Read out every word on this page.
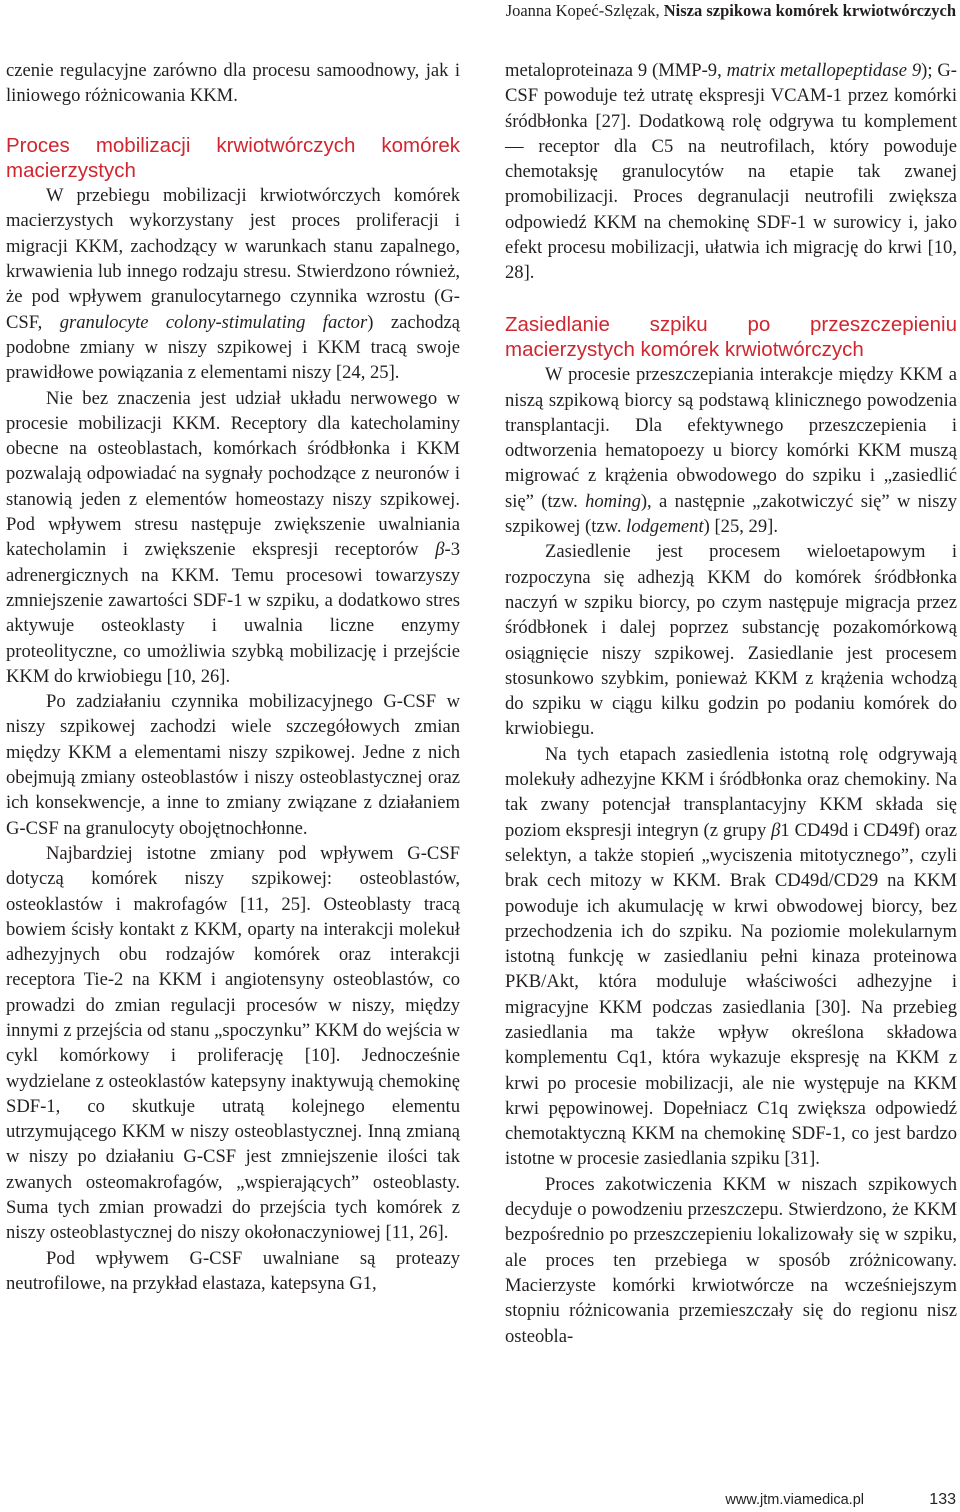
Joanna Kopeć-Szlęzak, Nisza szpikowa komórek krwiotwórczych

czenie regulacyjne zarówno dla procesu samoodnowy, jak i liniowego różnicowania KKM.

Proces mobilizacji krwiotwórczych komórek macierzystych

W przebiegu mobilizacji krwiotwórczych komórek macierzystych wykorzystany jest proces proliferacji i migracji KKM, zachodzący w warunkach stanu zapalnego, krwawienia lub innego rodzaju stresu. Stwierdzono również, że pod wpływem granulocytarnego czynnika wzrostu (G-CSF, granulocyte colony-stimulating factor) zachodzą podobne zmiany w niszy szpikowej i KKM tracą swoje prawidłowe powiązania z elementami niszy [24, 25].

Nie bez znaczenia jest udział układu nerwowego w procesie mobilizacji KKM. Receptory dla katecholaminy obecne na osteoblastach, komórkach śródbłonka i KKM pozwalają odpowiadać na sygnały pochodzące z neuronów i stanowią jeden z elementów homeostazy niszy szpikowej. Pod wpływem stresu następuje zwiększenie uwalniania katecholamin i zwiększenie ekspresji receptorów β-3 adrenergicznych na KKM. Temu procesowi towarzyszy zmniejszenie zawartości SDF-1 w szpiku, a dodatkowo stres aktywuje osteoklasty i uwalnia liczne enzymy proteolityczne, co umożliwia szybką mobilizację i przejście KKM do krwiobiegu [10, 26].

Po zadziałaniu czynnika mobilizacyjnego G-CSF w niszy szpikowej zachodzi wiele szczegółowych zmian między KKM a elementami niszy szpikowej. Jedne z nich obejmują zmiany osteoblastów i niszy osteoblastycznej oraz ich konsekwencje, a inne to zmiany związane z działaniem G-CSF na granulocyty obojętnochłonne.

Najbardziej istotne zmiany pod wpływem G-CSF dotyczą komórek niszy szpikowej: osteoblastów, osteoklastów i makrofagów [11, 25]. Osteoblasty tracą bowiem ścisły kontakt z KKM, oparty na interakcji molekuł adhezyjnych obu rodzajów komórek oraz interakcji receptora Tie-2 na KKM i angiotensyny osteoblastów, co prowadzi do zmian regulacji procesów w niszy, między innymi z przejścia od stanu „spoczynku” KKM do wejścia w cykl komórkowy i proliferację [10]. Jednocześnie wydzielane z osteoklastów katepsyny inaktywują chemokinę SDF-1, co skutkuje utratą kolejnego elementu utrzymującego KKM w niszy osteoblastycznej. Inną zmianą w niszy po działaniu G-CSF jest zmniejszenie ilości tak zwanych osteomakrofagów, „wspierających” osteoblasty. Suma tych zmian prowadzi do przejścia tych komórek z niszy osteoblastycznej do niszy okołonaczyniowej [11, 26].

Pod wpływem G-CSF uwalniane są proteazy neutrofilowe, na przykład elastaza, katepsyna G1,

metaloproteinaza 9 (MMP-9, matrix metallopeptidase 9); G-CSF powoduje też utratę ekspresji VCAM-1 przez komórki śródbłonka [27]. Dodatkową rolę odgrywa tu komplement — receptor dla C5 na neutrofilach, który powoduje chemotaksję granulocytów na etapie tak zwanej promobilizacji. Proces degranulacji neutrofili zwiększa odpowiedź KKM na chemokinę SDF-1 w surowicy i, jako efekt procesu mobilizacji, ułatwia ich migrację do krwi [10, 28].

Zasiedlanie szpiku po przeszczepieniu macierzystych komórek krwiotwórczych

W procesie przeszczepiania interakcje między KKM a niszą szpikową biorcy są podstawą klinicznego powodzenia transplantacji. Dla efektywnego przeszczepienia i odtworzenia hematopoezy u biorcy komórki KKM muszą migrować z krążenia obwodowego do szpiku i „zasiedlić się” (tzw. homing), a następnie „zakotwiczyć się” w niszy szpikowej (tzw. lodgement) [25, 29].

Zasiedlenie jest procesem wieloetapowym i rozpoczyna się adhezją KKM do komórek śródbłonka naczyń w szpiku biorcy, po czym następuje migracja przez śródbłonek i dalej poprzez substancję pozakomórkową osiągnięcie niszy szpikowej. Zasiedlanie jest procesem stosunkowo szybkim, ponieważ KKM z krążenia wchodzą do szpiku w ciągu kilku godzin po podaniu komórek do krwiobiegu.

Na tych etapach zasiedlenia istotną rolę odgrywają molekuły adhezyjne KKM i śródbłonka oraz chemokiny. Na tak zwany potencjał transplantacyjny KKM składa się poziom ekspresji integryn (z grupy β1 CD49d i CD49f) oraz selektyn, a także stopień „wyciszenia mitotycznego”, czyli brak cech mitozy w KKM. Brak CD49d/CD29 na KKM powoduje ich akumulację w krwi obwodowej biorcy, bez przechodzenia ich do szpiku. Na poziomie molekularnym istotną funkcję w zasiedlaniu pełni kinaza proteinowa PKB/Akt, która moduluje właściwości adhezyjne i migracyjne KKM podczas zasiedlania [30]. Na przebieg zasiedlania ma także wpływ określona składowa komplementu Cq1, która wykazuje ekspresję na KKM z krwi po procesie mobilizacji, ale nie występuje na KKM krwi pępowinowej. Dopełniacz C1q zwiększa odpowiedź chemotaktyczną KKM na chemokinę SDF-1, co jest bardzo istotne w procesie zasiedlania szpiku [31].

Proces zakotwiczenia KKM w niszach szpikowych decyduje o powodzeniu przeszczepu. Stwierdzono, że KKM bezpośrednio po przeszczepieniu lokalizowały się w szpiku, ale proces ten przebiega w sposób zróżnicowany. Macierzyste komórki krwiotwórcze na wcześniejszym stopniu różnicowania przemieszczały się do regionu nisz osteobla-

www.jtm.viamedica.pl	133
